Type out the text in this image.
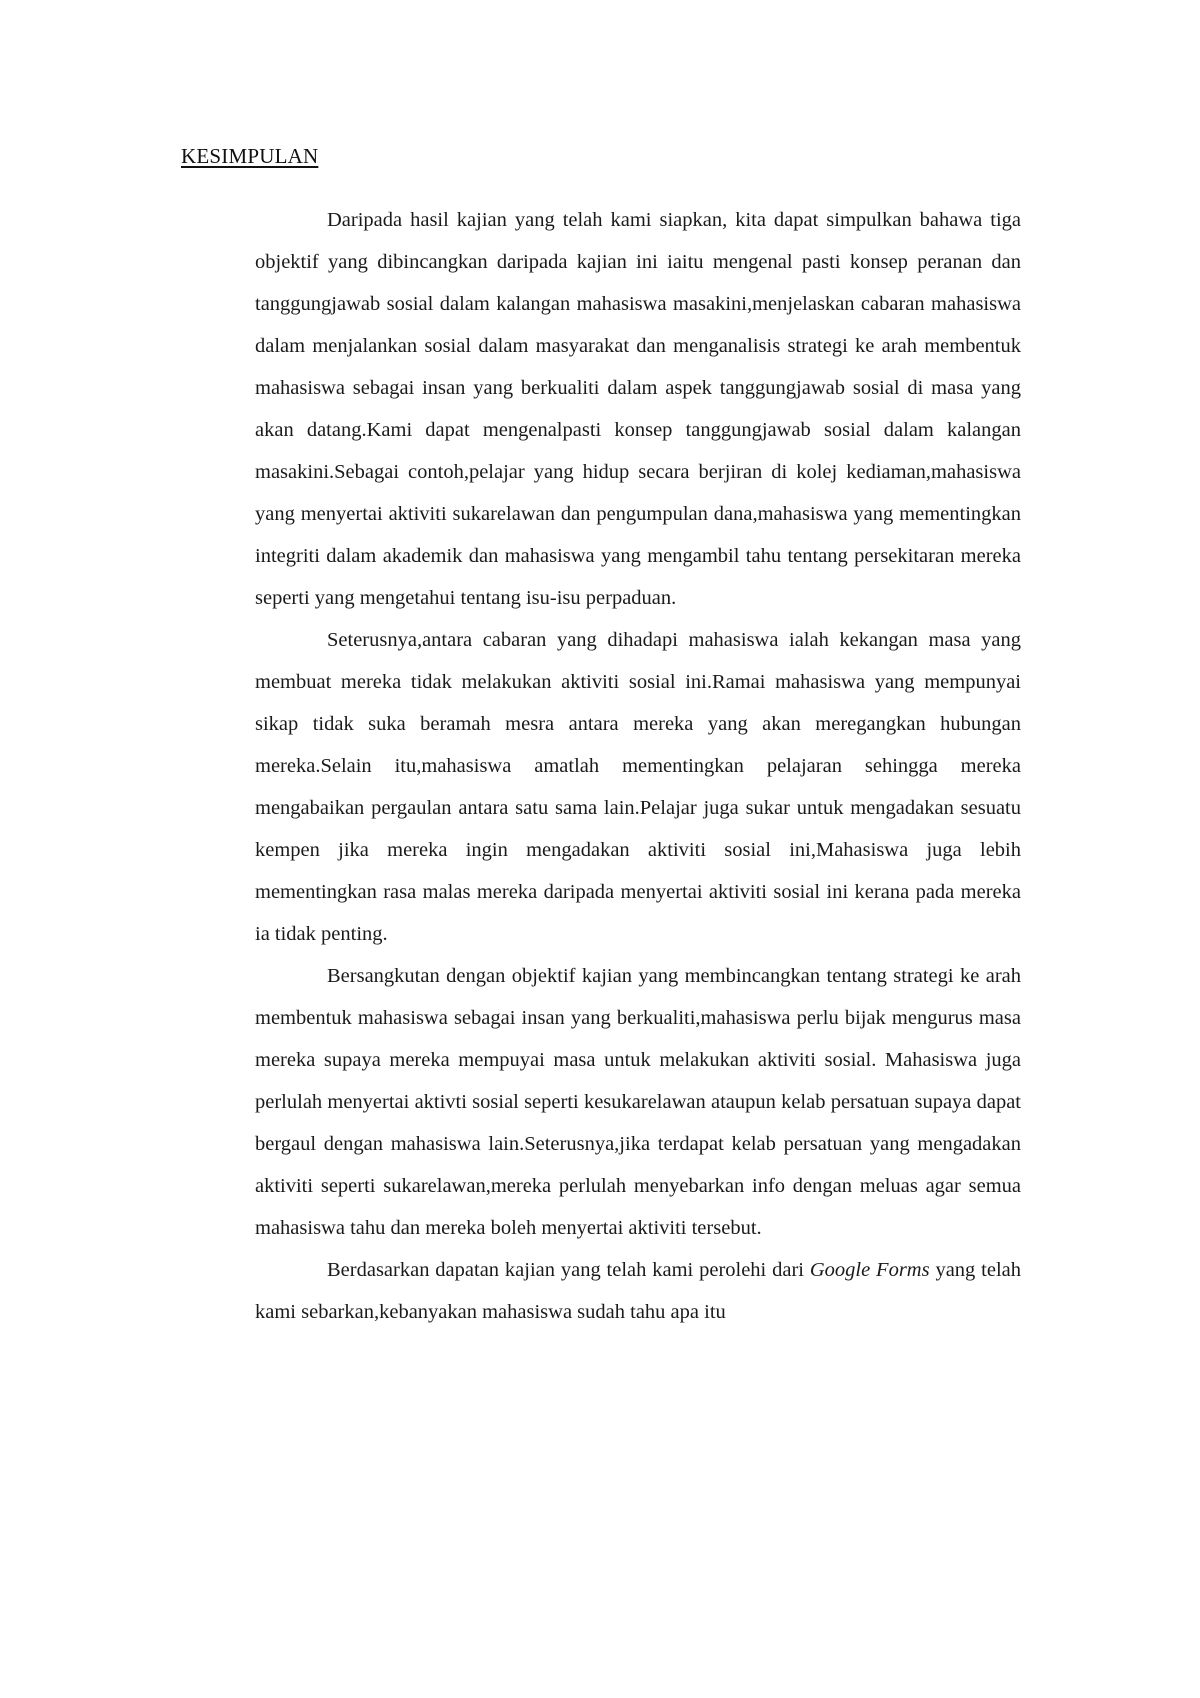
KESIMPULAN

Daripada hasil kajian yang telah kami siapkan, kita dapat simpulkan bahawa tiga objektif yang dibincangkan daripada kajian ini iaitu mengenal pasti konsep peranan dan tanggungjawab sosial dalam kalangan mahasiswa masakini,menjelaskan cabaran mahasiswa dalam menjalankan sosial dalam masyarakat dan menganalisis strategi ke arah membentuk mahasiswa sebagai insan yang berkualiti dalam aspek tanggungjawab sosial di masa yang akan datang.Kami dapat mengenalpasti konsep tanggungjawab sosial dalam kalangan masakini.Sebagai contoh,pelajar yang hidup secara berjiran di kolej kediaman,mahasiswa yang menyertai aktiviti sukarelawan dan pengumpulan dana,mahasiswa yang mementingkan integriti dalam akademik dan mahasiswa yang mengambil tahu tentang persekitaran mereka seperti yang mengetahui tentang isu-isu perpaduan.

Seterusnya,antara cabaran yang dihadapi mahasiswa ialah kekangan masa yang membuat mereka tidak melakukan aktiviti sosial ini.Ramai mahasiswa yang mempunyai sikap tidak suka beramah mesra antara mereka yang akan meregangkan hubungan mereka.Selain itu,mahasiswa amatlah mementingkan pelajaran sehingga mereka mengabaikan pergaulan antara satu sama lain.Pelajar juga sukar untuk mengadakan sesuatu kempen jika mereka ingin mengadakan aktiviti sosial ini,Mahasiswa juga lebih mementingkan rasa malas mereka daripada menyertai aktiviti sosial ini kerana pada mereka ia tidak penting.

Bersangkutan dengan objektif kajian yang membincangkan tentang strategi ke arah membentuk mahasiswa sebagai insan yang berkualiti,mahasiswa perlu bijak mengurus masa mereka supaya mereka mempuyai masa untuk melakukan aktiviti sosial. Mahasiswa juga perlulah menyertai aktivti sosial seperti kesukarelawan ataupun kelab persatuan supaya dapat bergaul dengan mahasiswa lain.Seterusnya,jika terdapat kelab persatuan yang mengadakan aktiviti seperti sukarelawan,mereka perlulah menyebarkan info dengan meluas agar semua mahasiswa tahu dan mereka boleh menyertai aktiviti tersebut.

Berdasarkan dapatan kajian yang telah kami perolehi dari Google Forms yang telah kami sebarkan,kebanyakan mahasiswa sudah tahu apa itu
